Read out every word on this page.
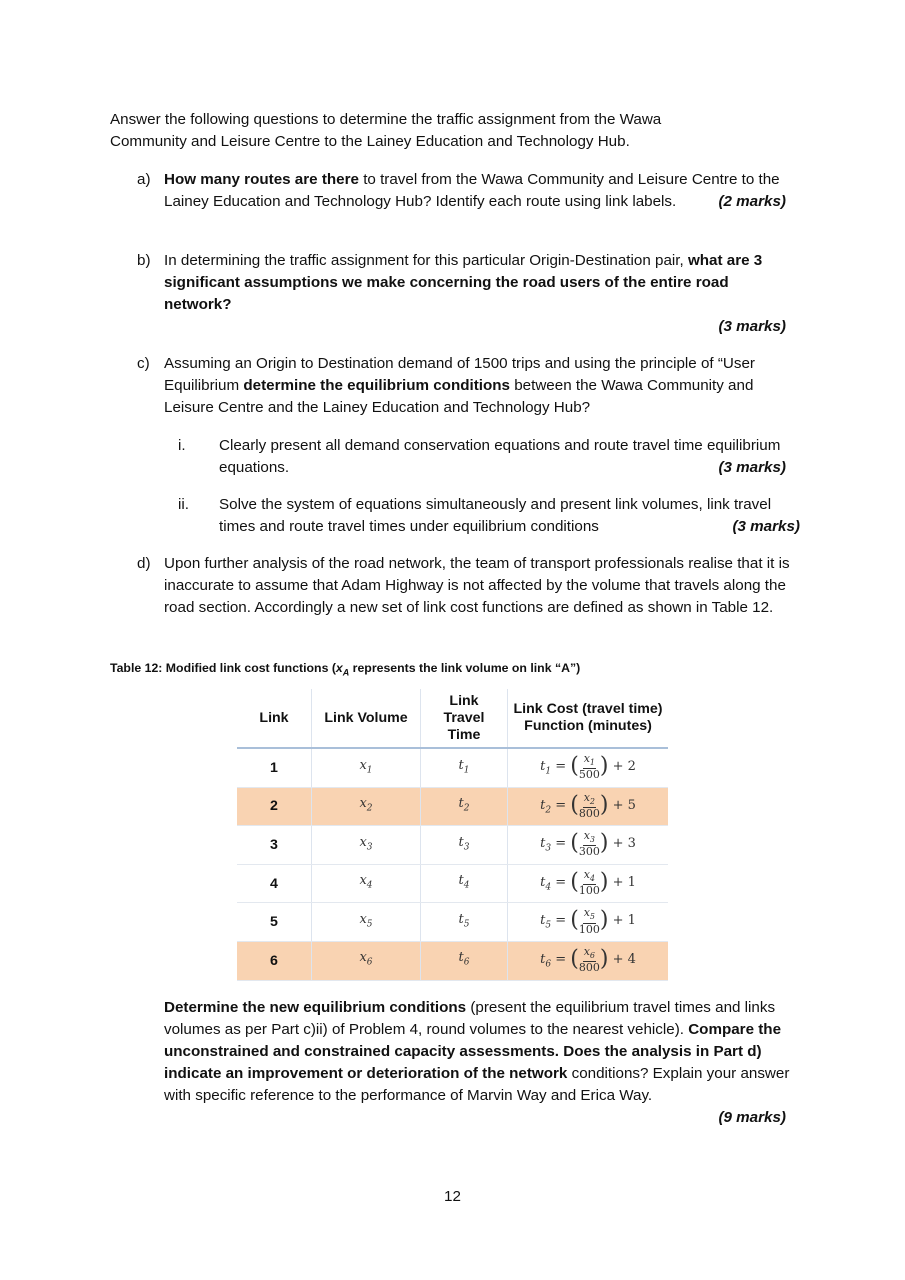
Answer the following questions to determine the traffic assignment from the Wawa Community and Leisure Centre to the Lainey Education and Technology Hub.
a) How many routes are there to travel from the Wawa Community and Leisure Centre to the Lainey Education and Technology Hub? Identify each route using link labels.	(2 marks)
b) In determining the traffic assignment for this particular Origin-Destination pair, what are 3 significant assumptions we make concerning the road users of the entire road network?
(3 marks)
c) Assuming an Origin to Destination demand of 1500 trips and using the principle of “User Equilibrium determine the equilibrium conditions between the Wawa Community and Leisure Centre and the Lainey Education and Technology Hub?
i. Clearly present all demand conservation equations and route travel time equilibrium equations.	(3 marks)
ii. Solve the system of equations simultaneously and present link volumes, link travel times and route travel times under equilibrium conditions	(3 marks)
d) Upon further analysis of the road network, the team of transport professionals realise that it is inaccurate to assume that Adam Highway is not affected by the volume that travels along the road section. Accordingly a new set of link cost functions are defined as shown in Table 12.
Table 12: Modified link cost functions ($x_A$ represents the link volume on link “A”)
Link	Link Volume	Link Travel Time	Link Cost (travel time) Function (minutes)
1	$x_1$	$t_1$	$t_1$ = ( $\frac{x_1}{500}$ ) + 2
2	$x_2$	$t_2$	$t_2$ = ( $\frac{x_2}{800}$ ) + 5
3	$x_3$	$t_3$	$t_3$ = ( $\frac{x_3}{300}$ ) + 3
4	$x_4$	$t_4$	$t_4$ = ( $\frac{x_4}{100}$ ) + 1
5	$x_5$	$t_5$	$t_5$ = ( $\frac{x_5}{100}$ ) + 1
6	$x_6$	$t_6$	$t_6$ = ( $\frac{x_6}{800}$ ) + 4
Determine the new equilibrium conditions (present the equilibrium travel times and links volumes as per Part c)ii) of Problem 4, round volumes to the nearest vehicle). Compare the unconstrained and constrained capacity assessments. Does the analysis in Part d) indicate an improvement or deterioration of the network conditions? Explain your answer with specific reference to the performance of Marvin Way and Erica Way.
(9 marks)
12
